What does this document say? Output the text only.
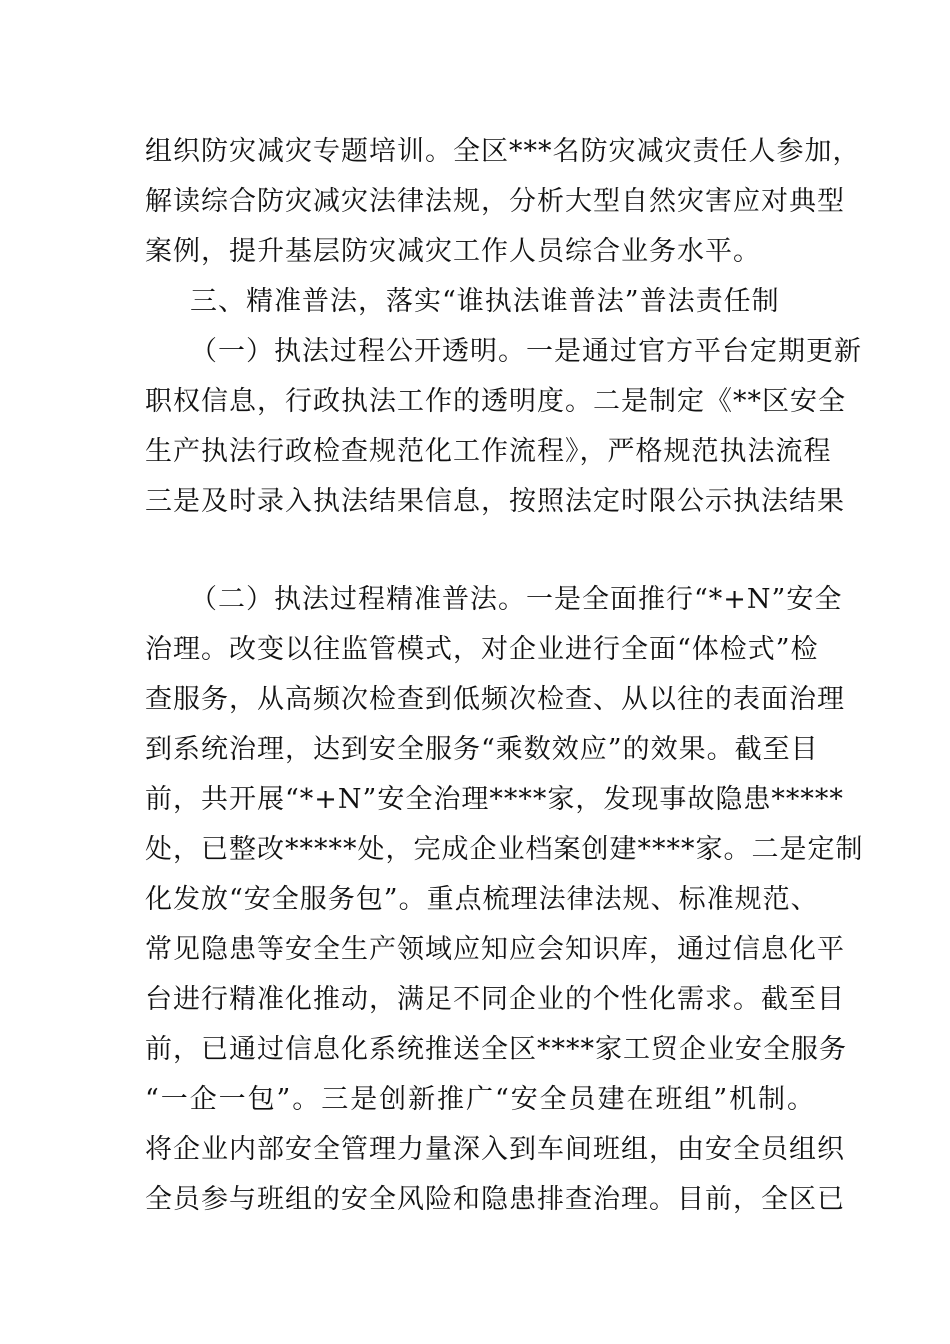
组织防灾减灾专题培训。全区***名防灾减灾责任人参加，
解读综合防灾减灾法律法规，分析大型自然灾害应对典型
案例，提升基层防灾减灾工作人员综合业务水平。
三、精准普法，落实“谁执法谁普法”普法责任制
（一）执法过程公开透明。一是通过官方平台定期更新
职权信息，行政执法工作的透明度。二是制定《**区安全
生产执法行政检查规范化工作流程》，严格规范执法流程
三是及时录入执法结果信息，按照法定时限公示执法结果
（二）执法过程精准普法。一是全面推行“*+N”安全
治理。改变以往监管模式，对企业进行全面“体检式”检
查服务，从高频次检查到低频次检查、从以往的表面治理
到系统治理，达到安全服务“乘数效应”的效果。截至目
前，共开展“*+N”安全治理****家，发现事故隐患*****
处，已整改*****处，完成企业档案创建****家。二是定制
化发放“安全服务包”。重点梳理法律法规、标准规范、
常见隐患等安全生产领域应知应会知识库，通过信息化平
台进行精准化推动，满足不同企业的个性化需求。截至目
前，已通过信息化系统推送全区****家工贸企业安全服务
“一企一包”。三是创新推广“安全员建在班组”机制。
将企业内部安全管理力量深入到车间班组，由安全员组织
全员参与班组的安全风险和隐患排查治理。目前，全区已
